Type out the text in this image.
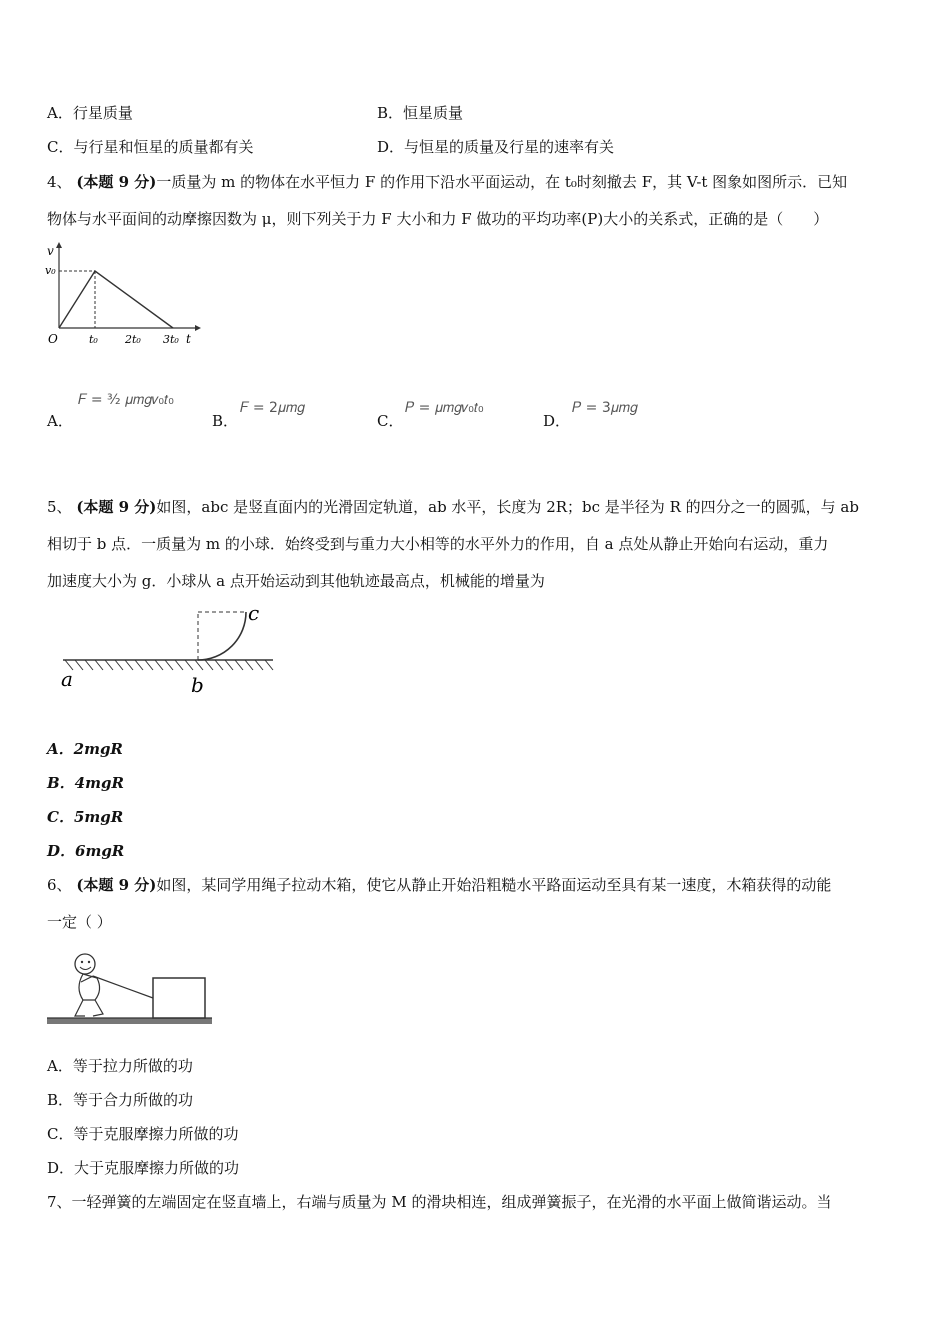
A．行星质量	B．恒星质量
C．与行星和恒星的质量都有关	D．与恒星的质量及行星的速率有关
4、 (本题 9 分)一质量为 m 的物体在水平恒力 F 的作用下沿水平面运动，在 t₀时刻撤去 F，其 V-t 图象如图所示．已知
物体与水平面间的动摩擦因数为 μ，则下列关于力 F 大小和力 F 做功的平均功率(P)大小的关系式，正确的是（　　）
v
v₀
O	t₀ 2t₀ 3t₀ t
A．
𝐹 = ³⁄₂ 𝜇𝑚𝑔𝑣₀𝑡₀
B．
𝐹 = 2𝜇𝑚𝑔
C．
𝑃 = 𝜇𝑚𝑔𝑣₀𝑡₀
D．
𝑃 = 3𝜇𝑚𝑔
5、 (本题 9 分)如图，abc 是竖直面内的光滑固定轨道，ab 水平，长度为 2R；bc 是半径为 R 的四分之一的圆弧，与 ab
相切于 b 点．一质量为 m 的小球．始终受到与重力大小相等的水平外力的作用，自 a 点处从静止开始向右运动，重力
加速度大小为 g．小球从 a 点开始运动到其他轨迹最高点，机械能的增量为
a	b
c
A．2mgR
B．4mgR
C．5mgR
D．6mgR
6、 (本题 9 分)如图，某同学用绳子拉动木箱，使它从静止开始沿粗糙水平路面运动至具有某一速度，木箱获得的动能
一定（ ）
A．等于拉力所做的功
B．等于合力所做的功
C．等于克服摩擦力所做的功
D．大于克服摩擦力所做的功
7、一轻弹簧的左端固定在竖直墙上，右端与质量为 M 的滑块相连，组成弹簧振子，在光滑的水平面上做简谐运动。当
